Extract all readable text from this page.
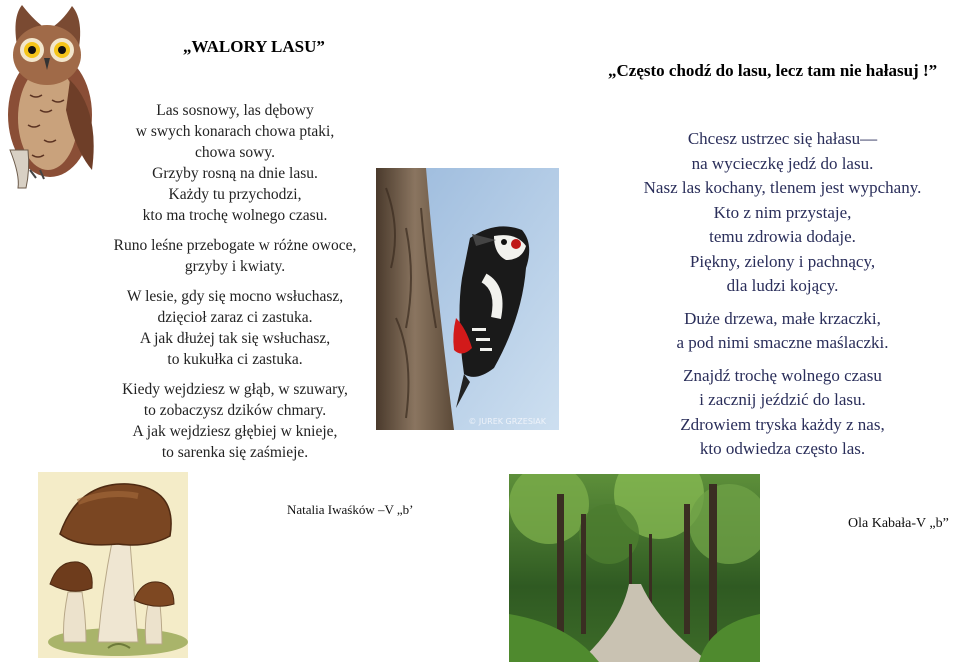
„WALORY LASU”
„Często chodź do lasu, lecz tam nie hałasuj !”
Las sosnowy, las dębowy
w swych konarach chowa ptaki,
chowa sowy.
Grzyby rosną na dnie lasu.
Każdy tu przychodzi,
kto ma trochę wolnego czasu.
Runo leśne przebogate w różne owoce,
grzyby i kwiaty.
W lesie, gdy się mocno wsłuchasz,
dzięcioł zaraz ci zastuka.
A jak dłużej tak się wsłuchasz,
to kukułka ci zastuka.
Kiedy wejdziesz w głąb, w szuwary,
to zobaczysz dzików chmary.
A jak wejdziesz głębiej w knieje,
to sarenka się zaśmieje.
© JUREK GRZESIAK
Chcesz ustrzec się hałasu—
na wycieczkę jedź do lasu.
Nasz las kochany, tlenem jest wypchany.
Kto z nim przystaje,
temu zdrowia dodaje.
Piękny, zielony i pachnący,
dla ludzi kojący.
Duże drzewa, małe krzaczki,
a pod nimi smaczne maślaczki.
Znajdź trochę wolnego czasu
i zacznij jeździć do lasu.
Zdrowiem tryska każdy z nas,
kto odwiedza często las.
Natalia Iwaśków –V „b’
Ola Kabała-V „b”
